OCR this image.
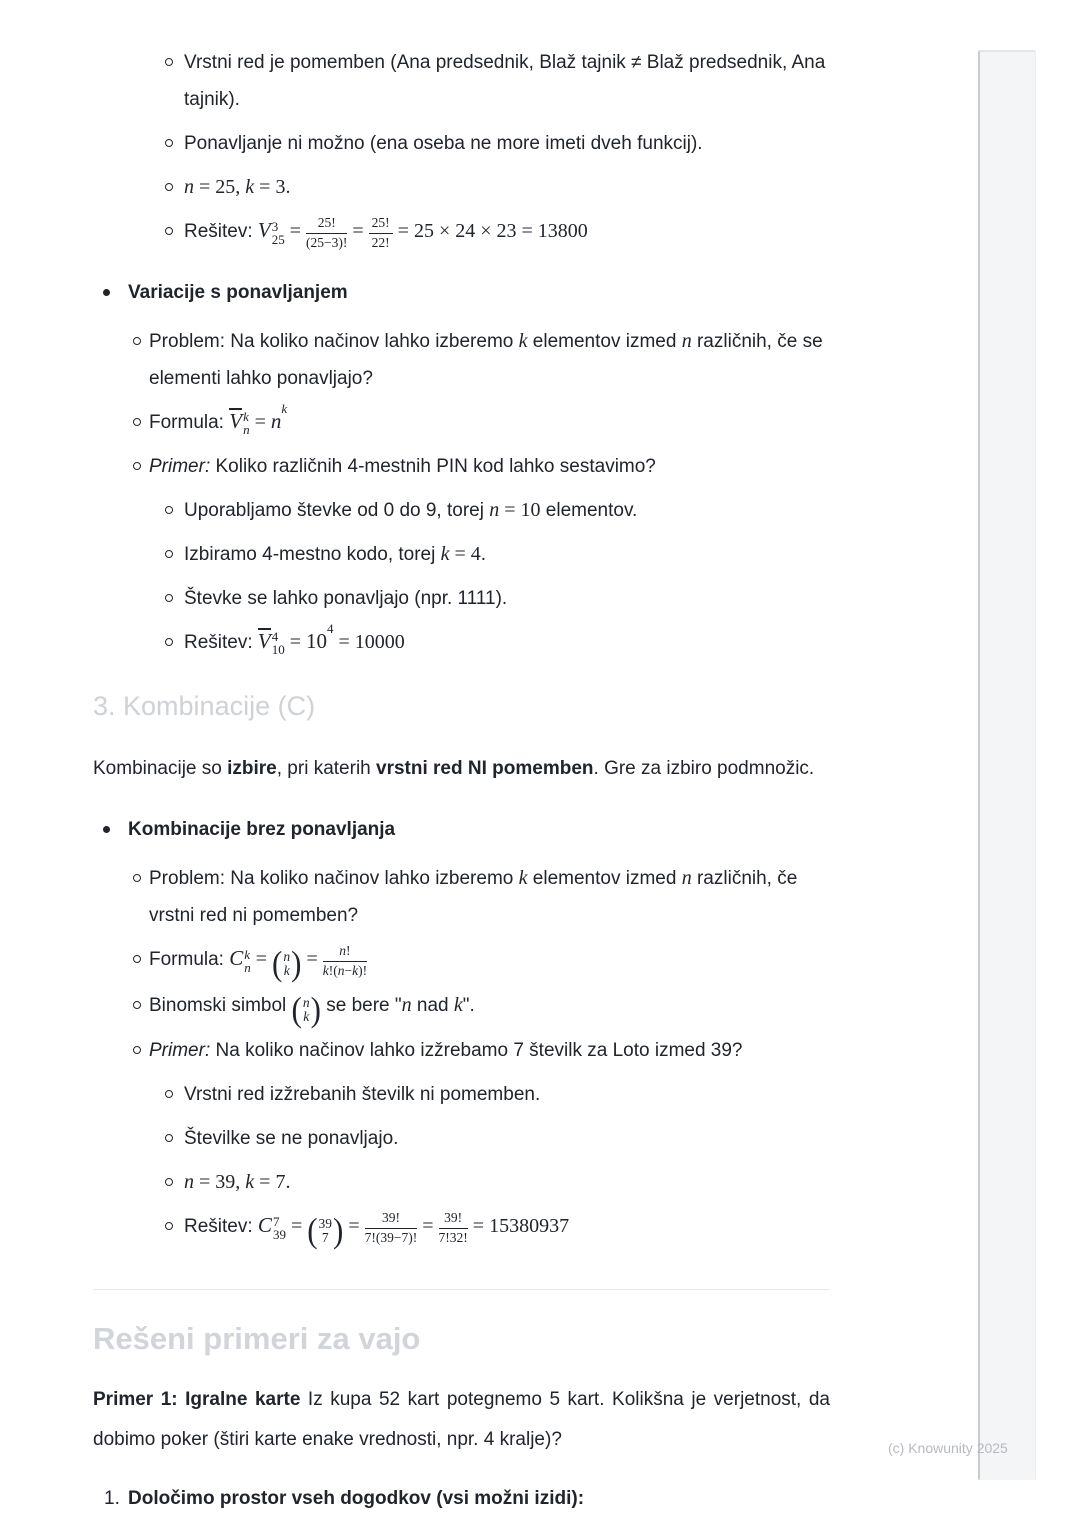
Vrstni red je pomemben (Ana predsednik, Blaž tajnik ≠ Blaž predsednik, Ana tajnik).
Ponavljanje ni možno (ena oseba ne more imeti dveh funkcij).
n = 25, k = 3.
Rešitev: V 3
$25 = \frac{25!}{(25-3)!} = \frac{25!}{22!} = 25 \times 24 \times 23 = 13800$
Variacije s ponavljanjem
Problem: Na koliko načinov lahko izberemo k elementov izmed n različnih, če se elementi lahko ponavljajo?
Formula: V k
n = n
k
Primer: Koliko različnih 4-mestnih PIN kod lahko sestavimo?
Uporabljamo števke od 0 do 9, torej n = 10 elementov.
Izbiramo 4-mestno kodo, torej k = 4.
Števke se lahko ponavljajo (npr. 1111).
Rešitev: V 4
10 = 10
4
= 10000
3. Kombinacije (C)

Kombinacije so izbire, pri katerih vrstni red NI pomemben. Gre za izbiro podmnožic.

Kombinacije brez ponavljanja
Problem: Na koliko načinov lahko izberemo k elementov izmed n različnih, če vrstni red ni pomemben?
Formula: C k
n = ( n
k ) = $\frac{n!}{k!(n-k)!}$
Binomski simbol ( n
k ) se bere "n nad k".
Primer: Na koliko načinov lahko izžrebamo 7 številk za Loto izmed 39?
Vrstni red izžrebanih številk ni pomemben.
Številke se ne ponavljajo.
n = 39, k = 7.
Rešitev: C 7
39 = ( 39
7 ) = $\frac{39!}{7!(39-7)!} = \frac{39!}{7!32!} = 15380937$
Rešeni primeri za vajo

Primer 1: Igralne karte Iz kupa 52 kart potegnemo 5 kart. Kolikšna je verjetnost, da dobimo poker (štiri karte enake vrednosti, npr. 4 kralje)?

1. Določimo prostor vseh dogodkov (vsi možni izidi):
(c) Knowunity 2025
